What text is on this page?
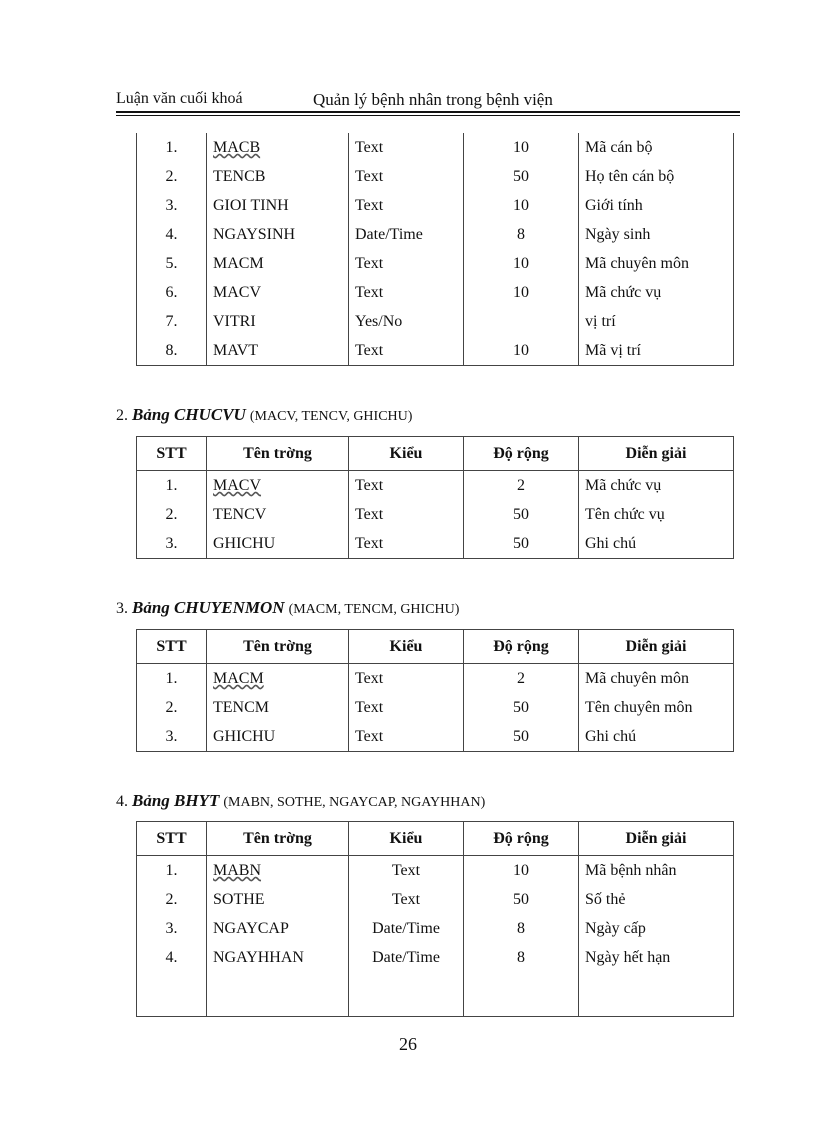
Luận văn cuối khoá	Quản lý bệnh nhân trong bệnh viện
1.	MACB	Text	10	Mã cán bộ
2.	TENCB	Text	50	Họ tên cán bộ
3.	GIOI TINH	Text	10	Giới tính
4.	NGAYSINH	Date/Time	8	Ngày sinh
5.	MACM	Text	10	Mã chuyên môn
6.	MACV	Text	10	Mã chức vụ
7.	VITRI	Yes/No		vị trí
8.	MAVT	Text	10	Mã vị trí
2. Bảng CHUCVU (MACV, TENCV, GHICHU)
STT	Tên trờng	Kiểu	Độ rộng	Diễn giải
1.	MACV	Text	2	Mã chức vụ
2.	TENCV	Text	50	Tên chức vụ
3.	GHICHU	Text	50	Ghi chú
3. Bảng CHUYENMON (MACM, TENCM, GHICHU)
STT	Tên trờng	Kiểu	Độ rộng	Diễn giải
1.	MACM	Text	2	Mã chuyên môn
2.	TENCM	Text	50	Tên chuyên môn
3.	GHICHU	Text	50	Ghi chú
4. Bảng BHYT (MABN, SOTHE, NGAYCAP, NGAYHHAN)
STT	Tên trờng	Kiểu	Độ rộng	Diễn giải
1.	MABN	Text	10	Mã bệnh nhân
2.	SOTHE	Text	50	Số thẻ
3.	NGAYCAP	Date/Time	8	Ngày cấp
4.	NGAYHHAN	Date/Time	8	Ngày hết hạn

26
